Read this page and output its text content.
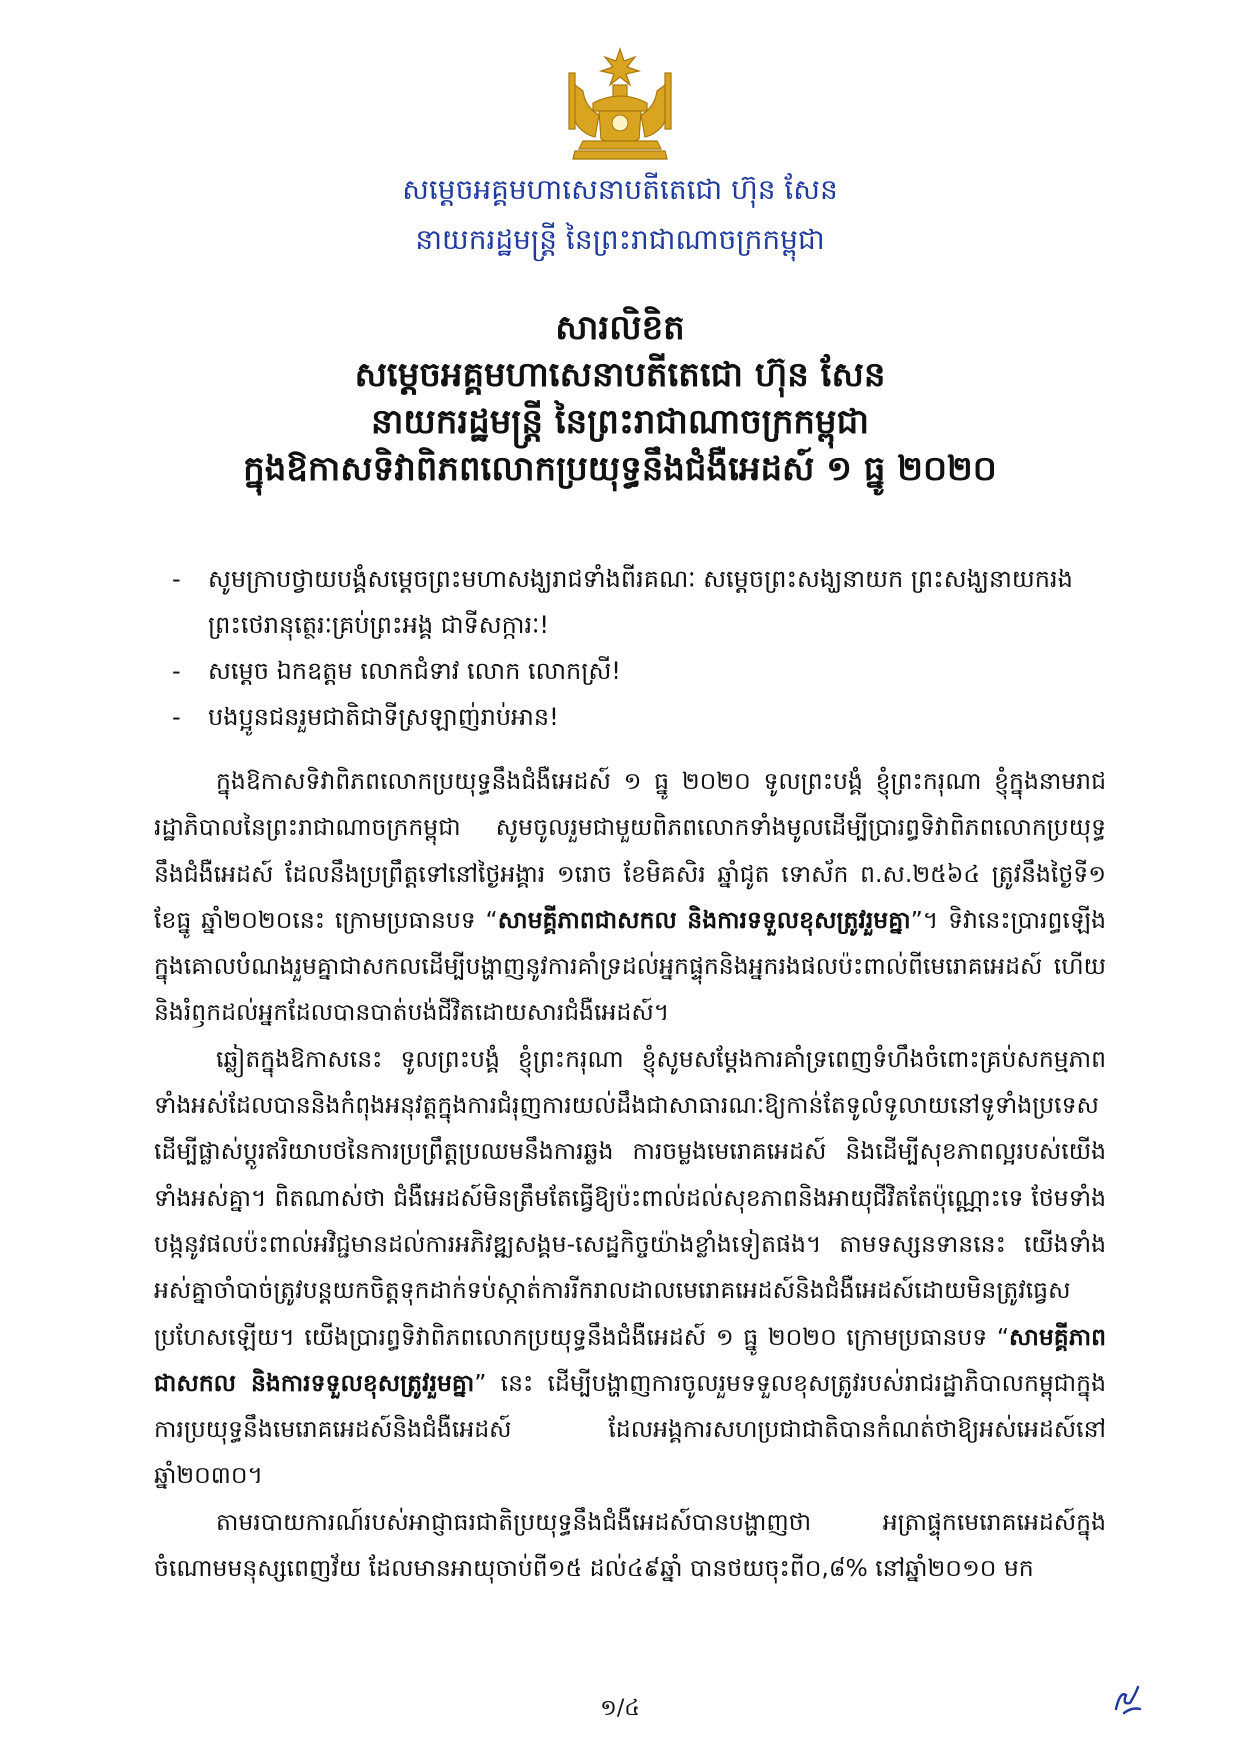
សម្តេចអគ្គមហាសេនាបតីតេជោ ហ៊ុន សែន
នាយករដ្ឋមន្ត្រី នៃព្រះរាជាណាចក្រកម្ពុជា
សារលិខិត
សម្តេចអគ្គមហាសេនាបតីតេជោ ហ៊ុន សែន
នាយករដ្ឋមន្ត្រី នៃព្រះរាជាណាចក្រកម្ពុជា
ក្នុងឱកាសទិវាពិភពលោកប្រយុទ្ធនឹងជំងឺអេដស៍ ១ ធ្នូ ២០២០
-	សូមក្រាបថ្វាយបង្គំសម្តេចព្រះមហាសង្ឃរាជទាំងពីរគណៈ សម្តេចព្រះសង្ឃនាយក ព្រះសង្ឃនាយករង ព្រះថេរានុត្ថេរៈគ្រប់ព្រះអង្គ ជាទីសក្ការៈ!
-	សម្តេច ឯកឧត្តម លោកជំទាវ លោក លោកស្រី!
-	បងប្អូនជនរួមជាតិជាទីស្រឡាញ់រាប់អាន!

ក្នុងឱកាសទិវាពិភពលោកប្រយុទ្ធនឹងជំងឺអេដស៍ ១ ធ្នូ ២០២០ ទូលព្រះបង្គំ ខ្ញុំព្រះករុណា ខ្ញុំក្នុងនាមរាជរដ្ឋាភិបាលនៃព្រះរាជាណាចក្រកម្ពុជា សូមចូលរួមជាមួយពិភពលោកទាំងមូលដើម្បីប្រារព្ធទិវាពិភពលោកប្រយុទ្ធនឹងជំងឺអេដស៍ ដែលនឹងប្រព្រឹត្តទៅនៅថ្ងៃអង្គារ ១រោច ខែមិគសិរ ឆ្នាំជូត ទោស័ក ព.ស.២៥៦៤ ត្រូវនឹងថ្ងៃទី១ ខែធ្នូ ឆ្នាំ២០២០នេះ ក្រោមប្រធានបទ “សាមគ្គីភាពជាសកល និងការទទួលខុសត្រូវរួមគ្នា”។ ទិវានេះប្រារព្ធឡើងក្នុងគោលបំណងរួមគ្នាជាសកលដើម្បីបង្ហាញនូវការគាំទ្រដល់អ្នកផ្ទុកនិងអ្នករងផលប៉ះពាល់ពីមេរោគអេដស៍ ហើយនិងរំឭកដល់អ្នកដែលបានបាត់បង់ជីវិតដោយសារជំងឺអេដស៍។

ឆ្លៀតក្នុងឱកាសនេះ ទូលព្រះបង្គំ ខ្ញុំព្រះករុណា ខ្ញុំសូមសម្តែងការគាំទ្រពេញទំហឹងចំពោះគ្រប់សកម្មភាពទាំងអស់ដែលបាននិងកំពុងអនុវត្តក្នុងការជំរុញការយល់ដឹងជាសាធារណៈឱ្យកាន់តែទូលំទូលាយនៅទូទាំងប្រទេស ដើម្បីផ្លាស់ប្តូរឥរិយាបថនៃការប្រព្រឹត្តប្រឈមនឹងការឆ្លង ការចម្លងមេរោគអេដស៍ និងដើម្បីសុខភាពល្អរបស់យើងទាំងអស់គ្នា។ ពិតណាស់ថា ជំងឺអេដស៍មិនត្រឹមតែធ្វើឱ្យប៉ះពាល់ដល់សុខភាពនិងអាយុជីវិតតែប៉ុណ្ណោះទេ ថែមទាំងបង្កនូវផលប៉ះពាល់អវិជ្ជមានដល់ការអភិវឌ្ឍសង្គម-សេដ្ឋកិច្ចយ៉ាងខ្លាំងទៀតផង។ តាមទស្សនទាននេះ យើងទាំងអស់គ្នាចាំបាច់ត្រូវបន្តយកចិត្តទុកដាក់ទប់ស្កាត់ការរីករាលដាលមេរោគអេដស៍និងជំងឺអេដស៍ដោយមិនត្រូវធ្វេសប្រហែសឡើយ។ យើងប្រារព្ធទិវាពិភពលោកប្រយុទ្ធនឹងជំងឺអេដស៍ ១ ធ្នូ ២០២០ ក្រោមប្រធានបទ “សាមគ្គីភាពជាសកល និងការទទួលខុសត្រូវរួមគ្នា” នេះ ដើម្បីបង្ហាញការចូលរួមទទួលខុសត្រូវរបស់រាជរដ្ឋាភិបាលកម្ពុជាក្នុងការប្រយុទ្ធនឹងមេរោគអេដស៍និងជំងឺអេដស៍ ដែលអង្គការសហប្រជាជាតិបានកំណត់ថាឱ្យអស់អេដស៍នៅឆ្នាំ២០៣០។

តាមរបាយការណ៍របស់អាជ្ញាធរជាតិប្រយុទ្ធនឹងជំងឺអេដស៍បានបង្ហាញថា អត្រាផ្ទុកមេរោគអេដស៍ក្នុងចំណោមមនុស្សពេញវ័យ ដែលមានអាយុចាប់ពី១៥ ដល់៤៩ឆ្នាំ បានថយចុះពី០,៨% នៅឆ្នាំ២០១០ មក

១/៤
